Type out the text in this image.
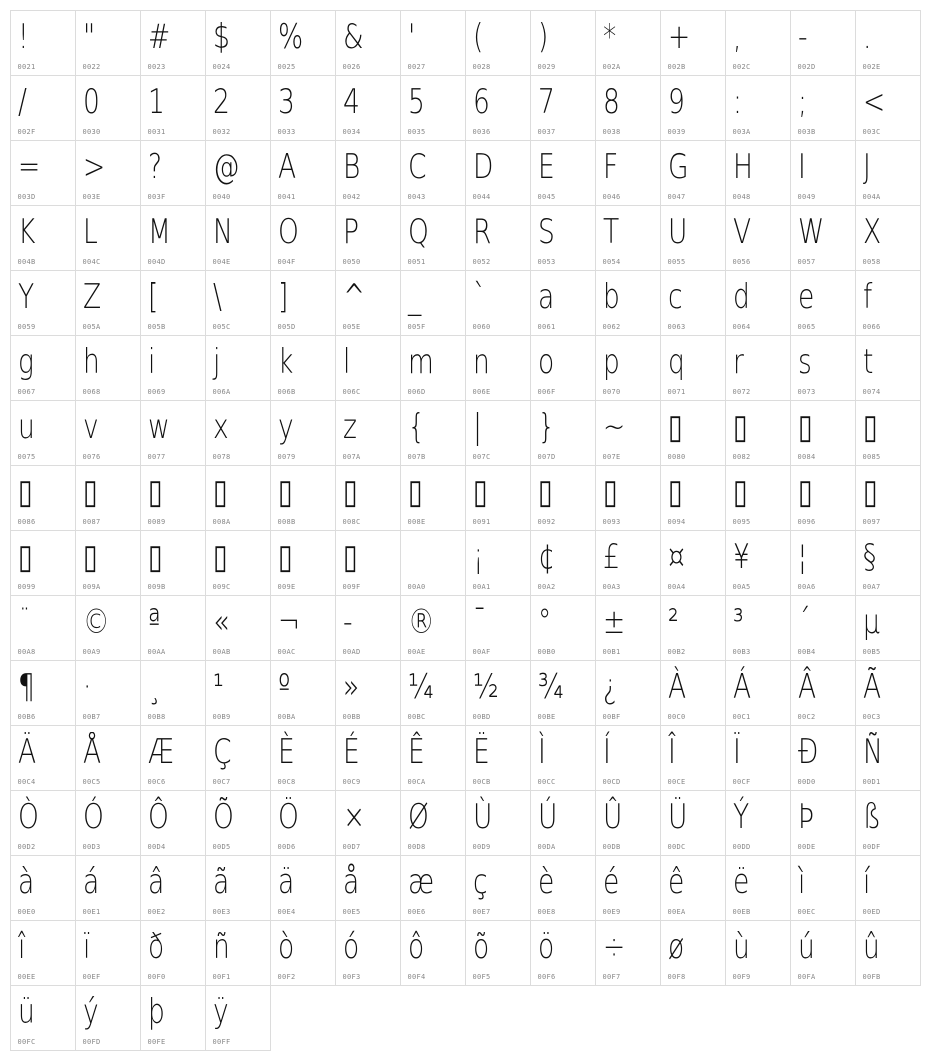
!
0021
"
0022
#
0023
$
0024
%
0025
&
0026
'
0027
(
0028
)
0029
*
002A
+
002B
,
002C
-
002D
.
002E
/
002F
0
0030
1
0031
2
0032
3
0033
4
0034
5
0035
6
0036
7
0037
8
0038
9
0039
:
003A
;
003B
<
003C
=
003D
>
003E
?
003F
@
0040
A
0041
B
0042
C
0043
D
0044
E
0045
F
0046
G
0047
H
0048
I
0049
J
004A
K
004B
L
004C
M
004D
N
004E
O
004F
P
0050
Q
0051
R
0052
S
0053
T
0054
U
0055
V
0056
W
0057
X
0058
Y
0059
Z
005A
[
005B
\
005C
]
005D
^
005E
_
005F
`
0060
a
0061
b
0062
c
0063
d
0064
e
0065
f
0066
g
0067
h
0068
i
0069
j
006A
k
006B
l
006C
m
006D
n
006E
o
006F
p
0070
q
0071
r
0072
s
0073
t
0074
u
0075
v
0076
w
0077
x
0078
y
0079
z
007A
{
007B
|
007C
}
007D
~
007E
▯
0080
▯
0082
▯
0084
▯
0085
▯
0086
▯
0087
▯
0089
▯
008A
▯
008B
▯
008C
▯
008E
▯
0091
▯
0092
▯
0093
▯
0094
▯
0095
▯
0096
▯
0097
▯
0099
▯
009A
▯
009B
▯
009C
▯
009E
▯
009F
	00A0
¡
00A1
¢
00A2
£
00A3
¤
00A4
¥
00A5
¦
00A6
§
00A7
¨
00A8
©
00A9
ª
00AA
«
00AB
¬
00AC
-
00AD
®
00AE
¯
00AF
°
00B0
±
00B1
²
00B2
³
00B3
´
00B4
µ
00B5
¶
00B6
·
00B7
¸
00B8
¹
00B9
º
00BA
»
00BB
¼
00BC
½
00BD
¾
00BE
¿
00BF
À
00C0
Á
00C1
Â
00C2
Ã
00C3
Ä
00C4
Å
00C5
Æ
00C6
Ç
00C7
È
00C8
É
00C9
Ê
00CA
Ë
00CB
Ì
00CC
Í
00CD
Î
00CE
Ï
00CF
Ð
00D0
Ñ
00D1
Ò
00D2
Ó
00D3
Ô
00D4
Õ
00D5
Ö
00D6
×
00D7
Ø
00D8
Ù
00D9
Ú
00DA
Û
00DB
Ü
00DC
Ý
00DD
Þ
00DE
ß
00DF
à
00E0
á
00E1
â
00E2
ã
00E3
ä
00E4
å
00E5
æ
00E6
ç
00E7
è
00E8
é
00E9
ê
00EA
ë
00EB
ì
00EC
í
00ED
î
00EE
ï
00EF
ð
00F0
ñ
00F1
ò
00F2
ó
00F3
ô
00F4
õ
00F5
ö
00F6
÷
00F7
ø
00F8
ù
00F9
ú
00FA
û
00FB
ü
00FC
ý
00FD
þ
00FE
ÿ
00FF
